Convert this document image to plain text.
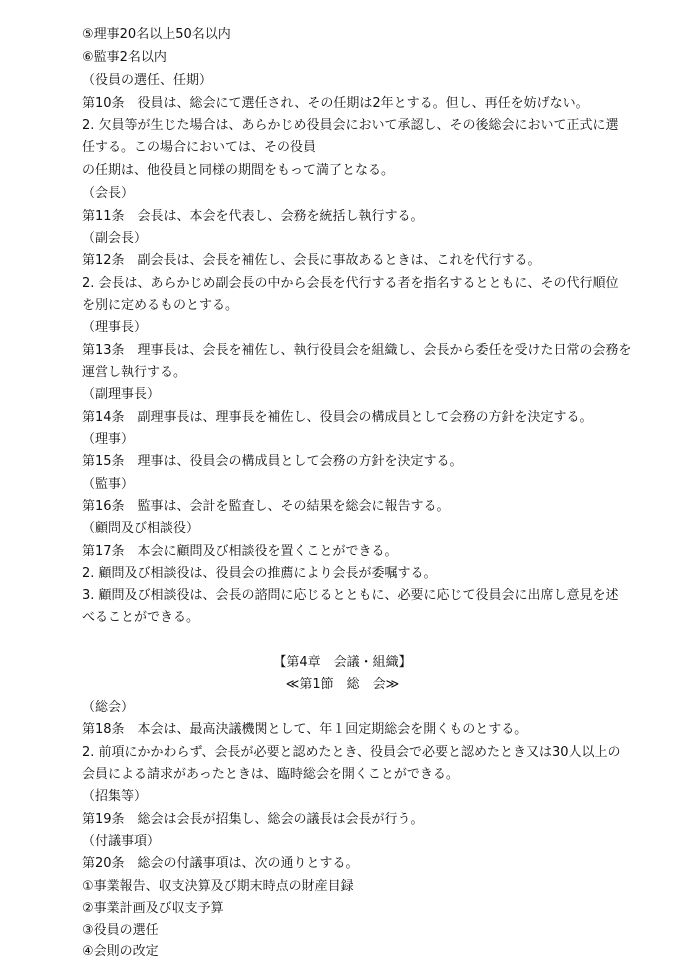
⑤理事20名以上50名以内
⑥監事2名以内
（役員の選任、任期）
第10条　役員は、総会にて選任され、その任期は2年とする。但し、再任を妨げない。
2. 欠員等が生じた場合は、あらかじめ役員会において承認し、その後総会において正式に選
任する。この場合においては、その役員
の任期は、他役員と同様の期間をもって満了となる。
（会長）
第11条　会長は、本会を代表し、会務を統括し執行する。
（副会長）
第12条　副会長は、会長を補佐し、会長に事故あるときは、これを代行する。
2. 会長は、あらかじめ副会長の中から会長を代行する者を指名するとともに、その代行順位
を別に定めるものとする。
（理事長）
第13条　理事長は、会長を補佐し、執行役員会を組織し、会長から委任を受けた日常の会務を
運営し執行する。
（副理事長）
第14条　副理事長は、理事長を補佐し、役員会の構成員として会務の方針を決定する。
（理事）
第15条　理事は、役員会の構成員として会務の方針を決定する。
（監事）
第16条　監事は、会計を監査し、その結果を総会に報告する。
（顧問及び相談役）
第17条　本会に顧問及び相談役を置くことができる。
2. 顧問及び相談役は、役員会の推薦により会長が委嘱する。
3. 顧問及び相談役は、会長の諮問に応じるとともに、必要に応じて役員会に出席し意見を述
べることができる。
【第4章　会議・組織】
≪第1節　総　会≫
（総会）
第18条　本会は、最高決議機関として、年１回定期総会を開くものとする。
2. 前項にかかわらず、会長が必要と認めたとき、役員会で必要と認めたとき又は30人以上の
会員による請求があったときは、臨時総会を開くことができる。
（招集等）
第19条　総会は会長が招集し、総会の議長は会長が行う。
（付議事項）
第20条　総会の付議事項は、次の通りとする。
①事業報告、収支決算及び期末時点の財産目録
②事業計画及び収支予算
③役員の選任
④会則の改定
